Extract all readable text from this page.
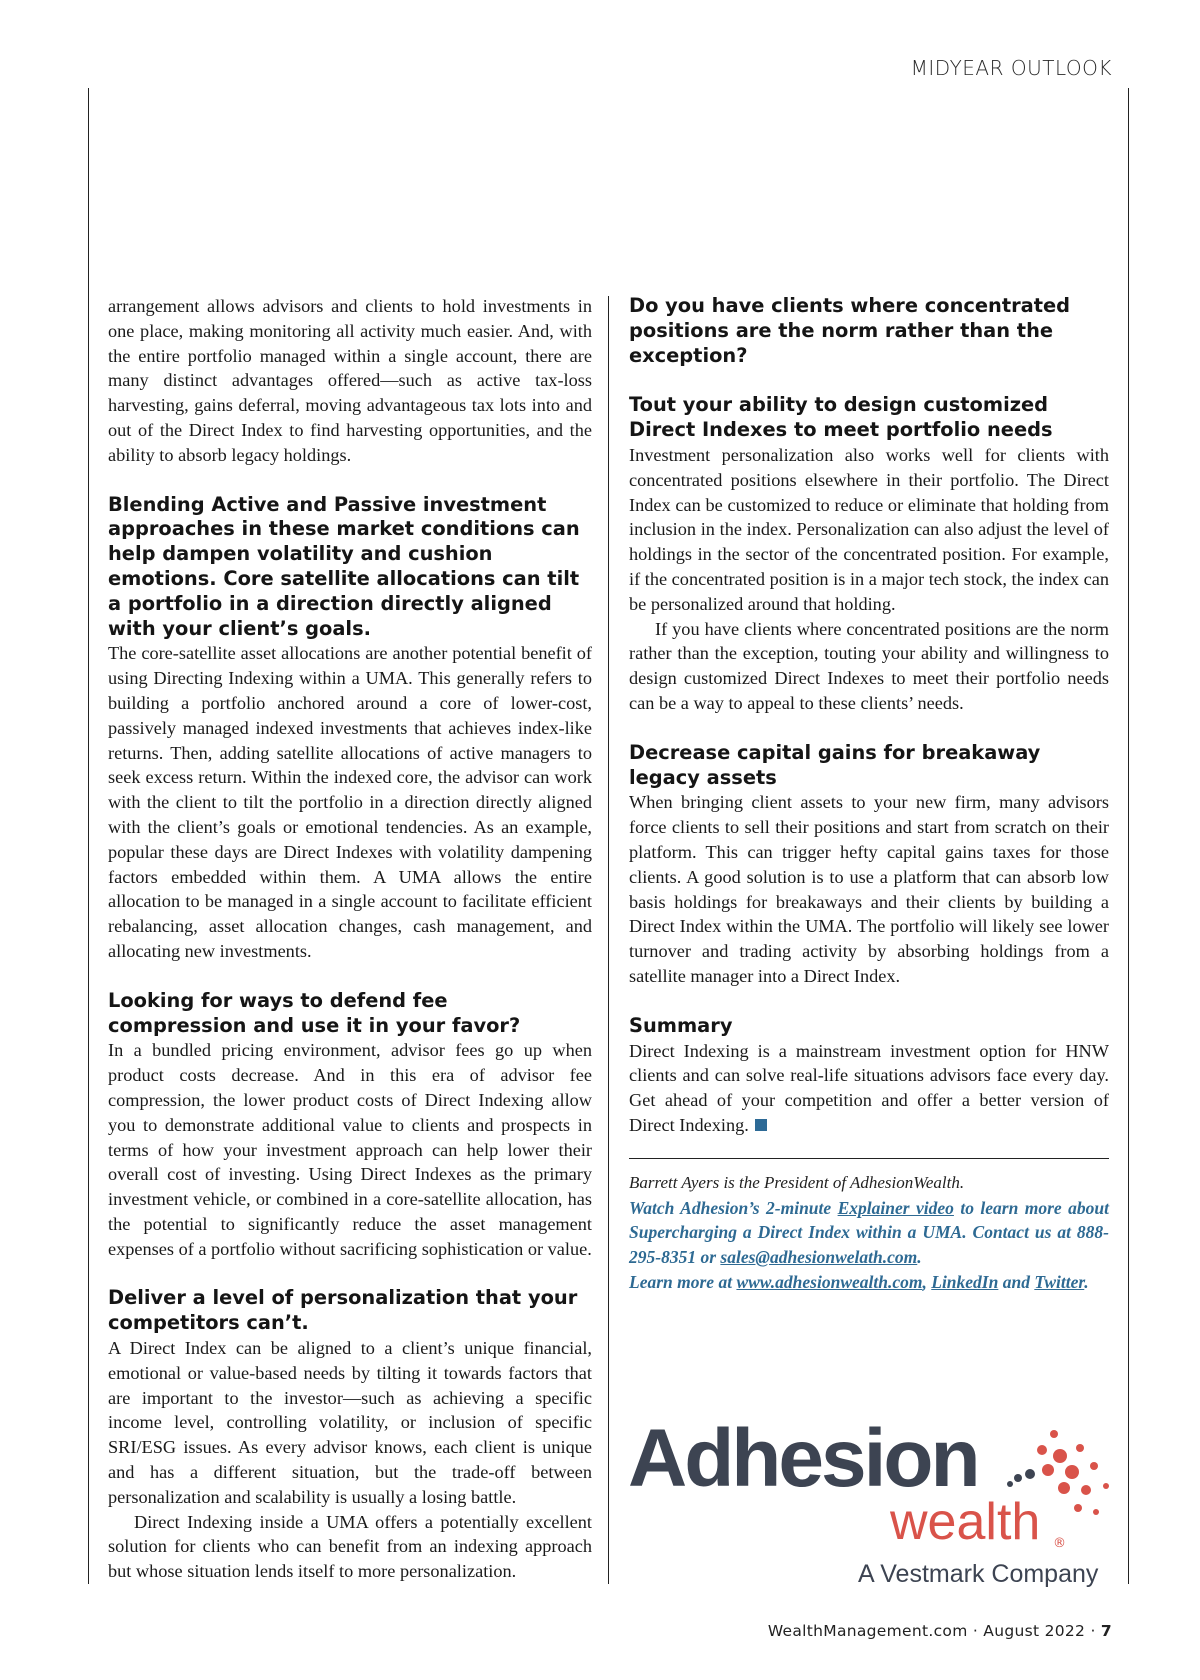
MIDYEAR OUTLOOK

arrangement allows advisors and clients to hold investments in one place, making monitoring all activity much easier. And, with the entire portfolio managed within a single account, there are many distinct advantages offered—such as active tax-loss harvesting, gains deferral, moving advantageous tax lots into and out of the Direct Index to find harvesting opportunities, and the ability to absorb legacy holdings.

Blending Active and Passive investment approaches in these market conditions can help dampen volatility and cushion emotions. Core satellite allocations can tilt a portfolio in a direction directly aligned with your client’s goals.

The core-satellite asset allocations are another potential benefit of using Directing Indexing within a UMA. This generally refers to building a portfolio anchored around a core of lower-cost, passively managed indexed investments that achieves index-like returns. Then, adding satellite allocations of active managers to seek excess return. Within the indexed core, the advisor can work with the client to tilt the portfolio in a direction directly aligned with the client’s goals or emotional tendencies. As an example, popular these days are Direct Indexes with volatility dampening factors embedded within them. A UMA allows the entire allocation to be managed in a single account to facilitate efficient rebalancing, asset allocation changes, cash management, and allocating new investments.

Looking for ways to defend fee compression and use it in your favor?

In a bundled pricing environment, advisor fees go up when product costs decrease. And in this era of advisor fee compression, the lower product costs of Direct Indexing allow you to demonstrate additional value to clients and prospects in terms of how your investment approach can help lower their overall cost of investing. Using Direct Indexes as the primary investment vehicle, or combined in a core-satellite allocation, has the potential to significantly reduce the asset management expenses of a portfolio without sacrificing sophistication or value.

Deliver a level of personalization that your competitors can’t.

A Direct Index can be aligned to a client’s unique financial, emotional or value-based needs by tilting it towards factors that are important to the investor—such as achieving a specific income level, controlling volatility, or inclusion of specific SRI/ESG issues. As every advisor knows, each client is unique and has a different situation, but the trade-off between personalization and scalability is usually a losing battle.

Direct Indexing inside a UMA offers a potentially excellent solution for clients who can benefit from an indexing approach but whose situation lends itself to more personalization.

Do you have clients where concentrated positions are the norm rather than the exception?
Tout your ability to design customized Direct Indexes to meet portfolio needs

Investment personalization also works well for clients with concentrated positions elsewhere in their portfolio. The Direct Index can be customized to reduce or eliminate that holding from inclusion in the index. Personalization can also adjust the level of holdings in the sector of the concentrated position. For example, if the concentrated position is in a major tech stock, the index can be personalized around that holding.

If you have clients where concentrated positions are the norm rather than the exception, touting your ability and willingness to design customized Direct Indexes to meet their portfolio needs can be a way to appeal to these clients’ needs.

Decrease capital gains for breakaway legacy assets

When bringing client assets to your new firm, many advisors force clients to sell their positions and start from scratch on their platform. This can trigger hefty capital gains taxes for those clients. A good solution is to use a platform that can absorb low basis holdings for breakaways and their clients by building a Direct Index within the UMA. The portfolio will likely see lower turnover and trading activity by absorbing holdings from a satellite manager into a Direct Index.

Summary

Direct Indexing is a mainstream investment option for HNW clients and can solve real-life situations advisors face every day. Get ahead of your competition and offer a better version of Direct Indexing.

Barrett Ayers is the President of AdhesionWealth.

Watch Adhesion’s 2-minute Explainer video to learn more about Supercharging a Direct Index within a UMA. Contact us at 888-295-8351 or sales@adhesionwelath.com.

Learn more at www.adhesionwealth.com, LinkedIn and Twitter.

Adhesion
wealth ®
A Vestmark Company
WealthManagement.com · August 2022 · 7
